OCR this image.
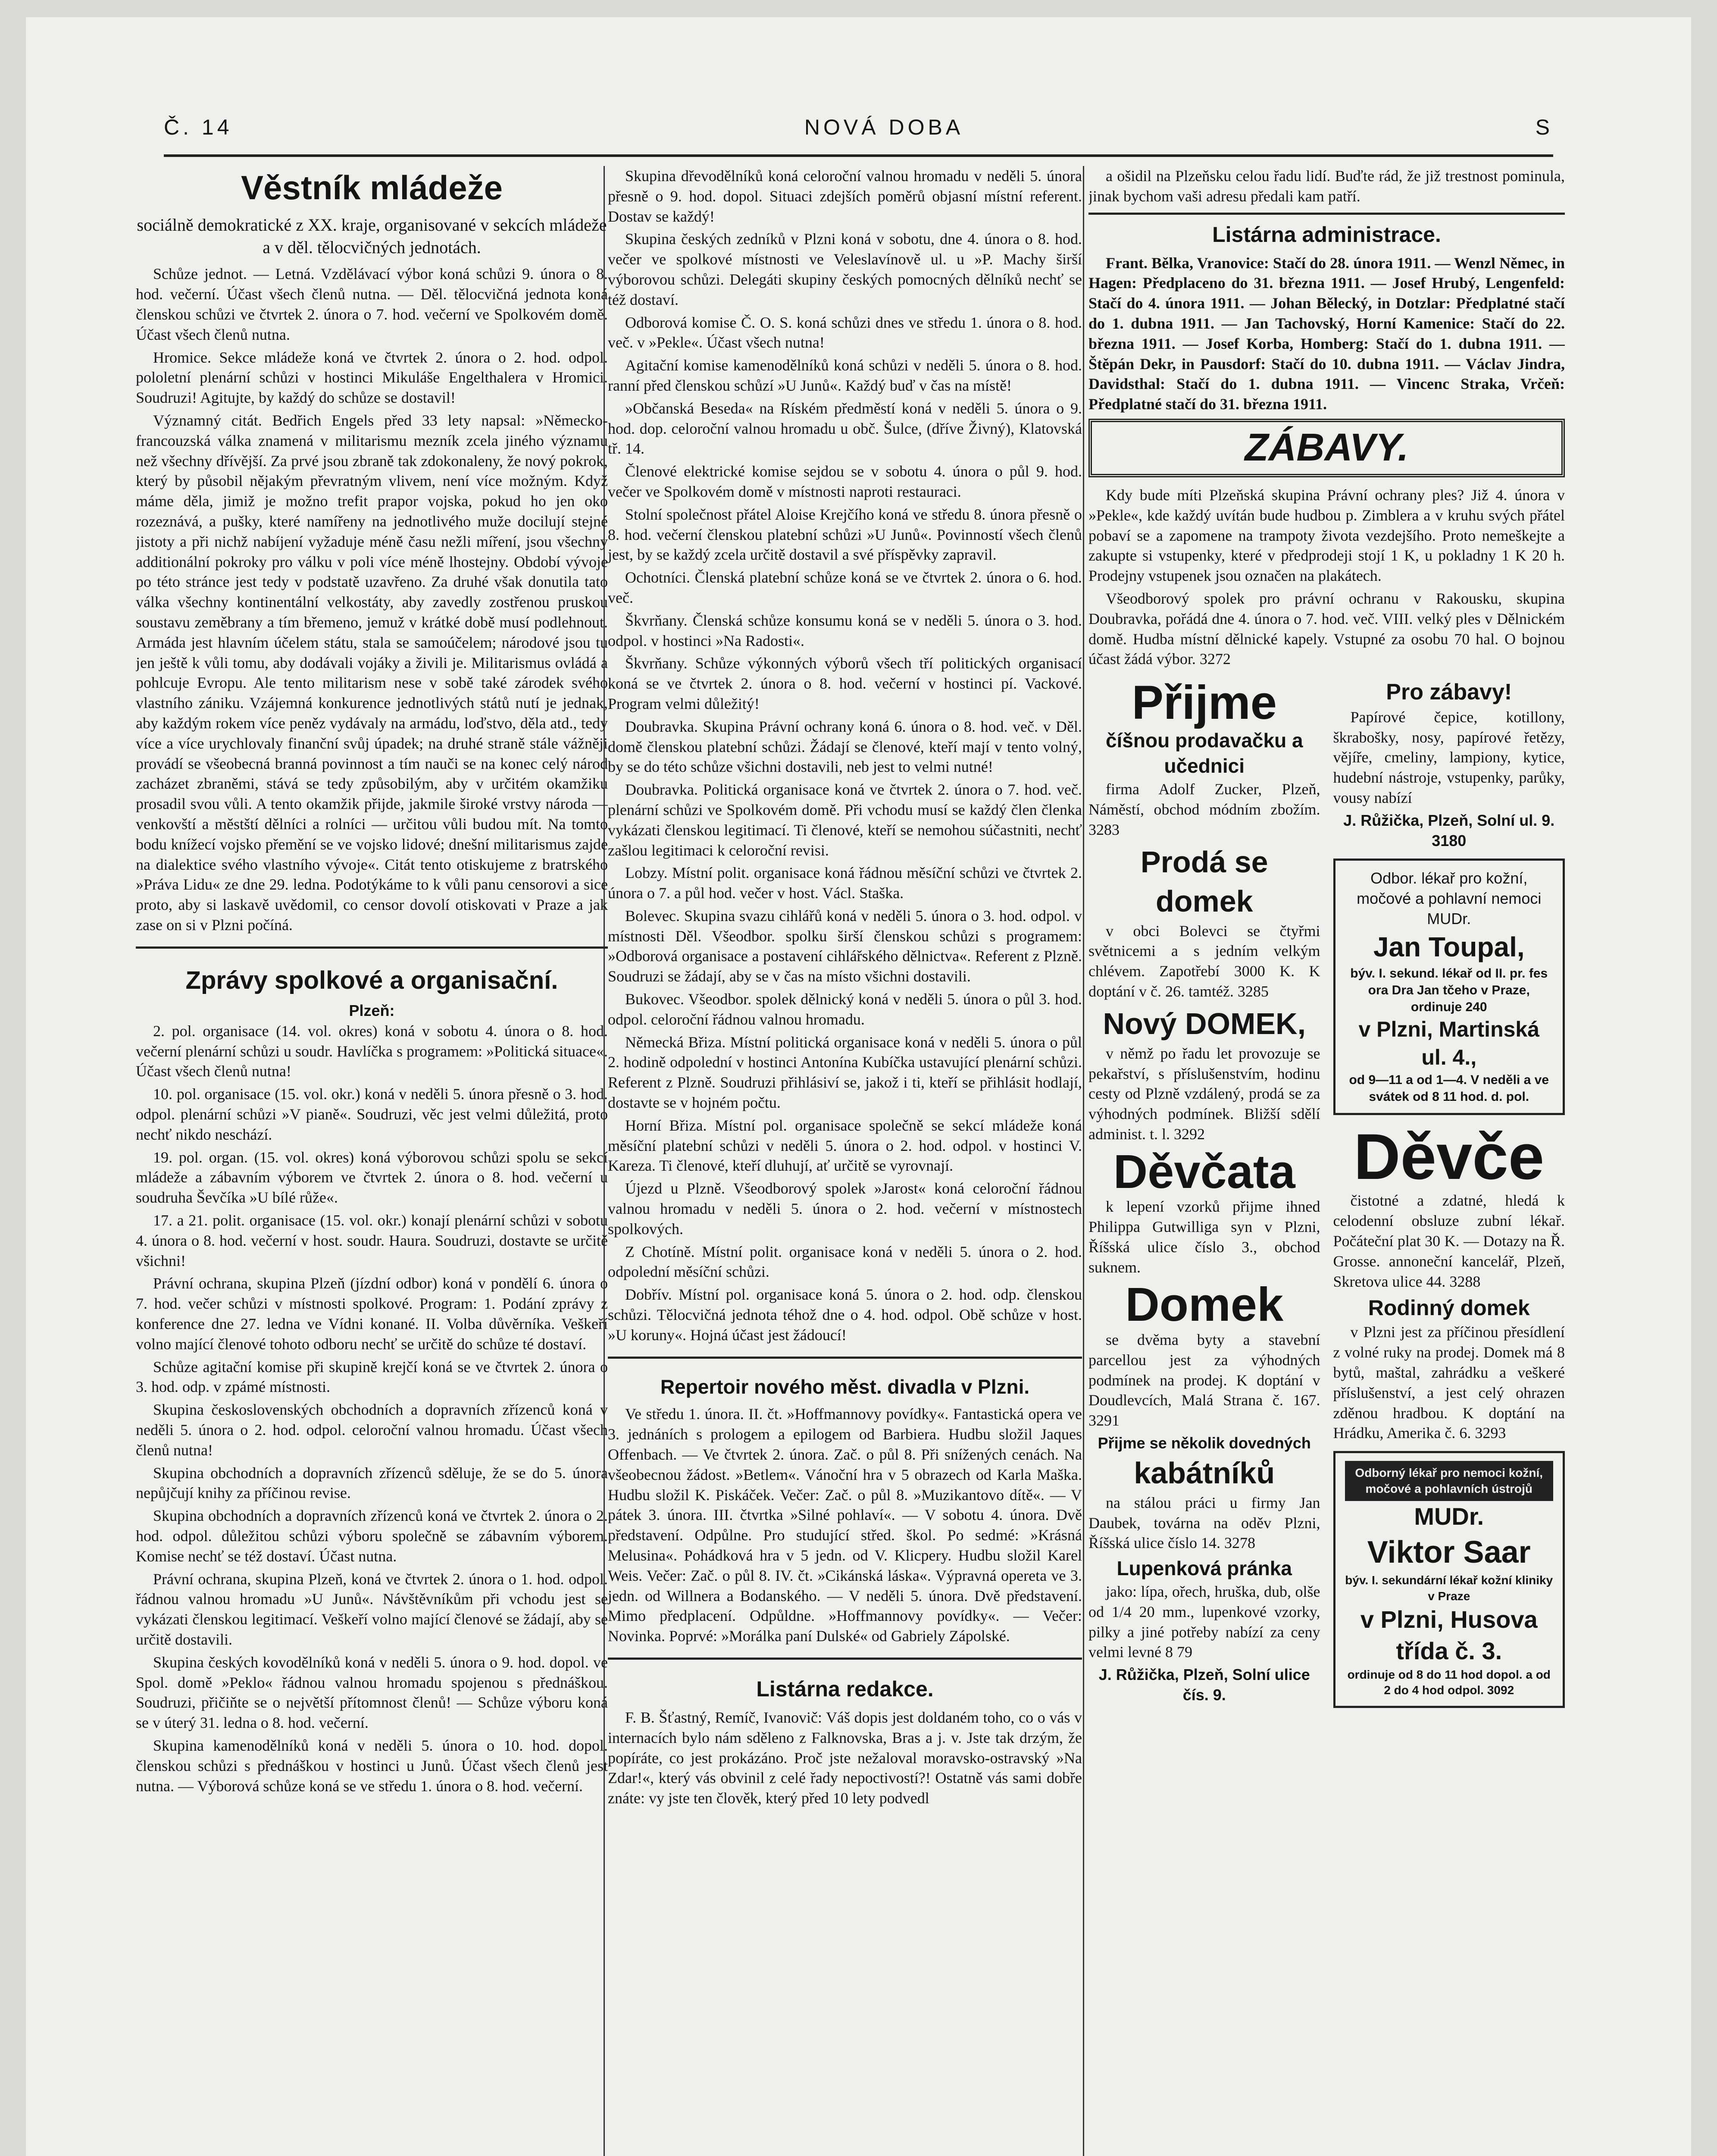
Č. 14	NOVÁ DOBA	S
Věstník mládeže
sociálně demokratické z XX. kraje, organisované v sekcích mládeže a v děl. tělocvičných jednotách.

Schůze jednot. — Letná. Vzdělávací výbor koná schůzi 9. února o 8. hod. večerní. Účast všech členů nutna. — Děl. tělocvičná jednota koná členskou schůzi ve čtvrtek 2. února o 7. hod. večerní ve Spolkovém domě. Účast všech členů nutna.

Hromice. Sekce mládeže koná ve čtvrtek 2. února o 2. hod. odpol. pololetní plenární schůzi v hostinci Mikuláše Engelthalera v Hromici. Soudruzi! Agitujte, by každý do schůze se dostavil!

Významný citát. Bedřich Engels před 33 lety napsal: »Německo-francouzská válka znamená v militarismu mezník zcela jiného významu než všechny dřívější. Za prvé jsou zbraně tak zdokonaleny, že nový pokrok, který by působil nějakým převratným vlivem, není více možným. Když máme děla, jimiž je možno trefit prapor vojska, pokud ho jen oko rozeznává, a pušky, které namířeny na jednotlivého muže docilují stejné jistoty a při nichž nabíjení vyžaduje méně času nežli míření, jsou všechny additionální pokroky pro válku v poli více méně lhostejny. Období vývoje po této stránce jest tedy v podstatě uzavřeno. Za druhé však donutila tato válka všechny kontinentální velkostáty, aby zavedly zostřenou pruskou soustavu zeměbrany a tím břemeno, jemuž v krátké době musí podlehnout. Armáda jest hlavním účelem státu, stala se samoúčelem; národové jsou tu jen ještě k vůli tomu, aby dodávali vojáky a živili je. Militarismus ovládá a pohlcuje Evropu. Ale tento militarism nese v sobě také zárodek svého vlastního zániku. Vzájemná konkurence jednotlivých států nutí je jednak, aby každým rokem více peněz vydávaly na armádu, loďstvo, děla atd., tedy více a více urychlovaly finanční svůj úpadek; na druhé straně stále vážněji provádí se všeobecná branná povinnost a tím nauči se na konec celý národ zacházet zbraněmi, stává se tedy způsobilým, aby v určitém okamžiku prosadil svou vůli. A tento okamžik přijde, jakmile široké vrstvy národa — venkovští a městští dělníci a rolníci — určitou vůli budou mít. Na tomto bodu knížecí vojsko přemění se ve vojsko lidové; dnešní militarismus zajde na dialektice svého vlastního vývoje«. Citát tento otiskujeme z bratrského »Práva Lidu« ze dne 29. ledna. Podotýkáme to k vůli panu censorovi a sice proto, aby si laskavě uvědomil, co censor dovolí otiskovati v Praze a jak zase on si v Plzni počíná.

Zprávy spolkové a organisační.
Plzeň:

2. pol. organisace (14. vol. okres) koná v sobotu 4. února o 8. hod. večerní plenární schůzi u soudr. Havlíčka s programem: »Politická situace«. Účast všech členů nutna!

10. pol. organisace (15. vol. okr.) koná v neděli 5. února přesně o 3. hod. odpol. plenární schůzi »V pianě«. Soudruzi, věc jest velmi důležitá, proto nechť nikdo neschází.

19. pol. organ. (15. vol. okres) koná výborovou schůzi spolu se sekcí mládeže a zábavním výborem ve čtvrtek 2. února o 8. hod. večerní u soudruha Ševčíka »U bílé růže«.

17. a 21. polit. organisace (15. vol. okr.) konají plenární schůzi v sobotu 4. února o 8. hod. večerní v host. soudr. Haura. Soudruzi, dostavte se určitě všichni!

Právní ochrana, skupina Plzeň (jízdní odbor) koná v pondělí 6. února o 7. hod. večer schůzi v místnosti spolkové. Program: 1. Podání zprávy z konference dne 27. ledna ve Vídni konané. II. Volba důvěrníka. Veškeří volno mající členové tohoto odboru nechť se určitě do schůze té dostaví.

Schůze agitační komise při skupině krejčí koná se ve čtvrtek 2. února o 3. hod. odp. v zpámé místnosti.

Skupina československých obchodních a dopravních zřízenců koná v neděli 5. února o 2. hod. odpol. celoroční valnou hromadu. Účast všech členů nutna!

Skupina obchodních a dopravních zřízenců sděluje, že se do 5. února nepůjčují knihy za příčinou revise.

Skupina obchodních a dopravních zřízenců koná ve čtvrtek 2. února o 2. hod. odpol. důležitou schůzi výboru společně se zábavním výborem. Komise nechť se též dostaví. Účast nutna.

Právní ochrana, skupina Plzeň, koná ve čtvrtek 2. února o 1. hod. odpol. řádnou valnou hromadu »U Junů«. Návštěvníkům při vchodu jest se vykázati členskou legitimací. Veškeří volno mající členové se žádají, aby se určitě dostavili.

Skupina českých kovodělníků koná v neděli 5. února o 9. hod. dopol. ve Spol. domě »Peklo« řádnou valnou hromadu spojenou s přednáškou. Soudruzi, přičiňte se o největší přítomnost členů! — Schůze výboru koná se v úterý 31. ledna o 8. hod. večerní.

Skupina kamenodělníků koná v neděli 5. února o 10. hod. dopol. členskou schůzi s přednáškou v hostinci u Junů. Účast všech členů jest nutna. — Výborová schůze koná se ve středu 1. února o 8. hod. večerní.

Skupina dřevodělníků koná celoroční valnou hromadu v neděli 5. února přesně o 9. hod. dopol. Situaci zdejších poměrů objasní místní referent. Dostav se každý!

Skupina českých zedníků v Plzni koná v sobotu, dne 4. února o 8. hod. večer ve spolkové místnosti ve Veleslavínově ul. u »P. Machy širší výborovou schůzi. Delegáti skupiny českých pomocných dělníků nechť se též dostaví.

Odborová komise Č. O. S. koná schůzi dnes ve středu 1. února o 8. hod. več. v »Pekle«. Účast všech nutna!

Agitační komise kamenodělníků koná schůzi v neděli 5. února o 8. hod. ranní před členskou schůzí »U Junů«. Každý buď v čas na místě!

»Občanská Beseda« na Ríském předměstí koná v neděli 5. února o 9. hod. dop. celoroční valnou hromadu u obč. Šulce, (dříve Živný), Klatovská tř. 14.

Členové elektrické komise sejdou se v sobotu 4. února o půl 9. hod. večer ve Spolkovém domě v místnosti naproti restauraci.

Stolní společnost přátel Aloise Krejčího koná ve středu 8. února přesně o 8. hod. večerní členskou platební schůzi »U Junů«. Povinností všech členů jest, by se každý zcela určitě dostavil a své příspěvky zapravil.

Ochotníci. Členská platební schůze koná se ve čtvrtek 2. února o 6. hod. več.

Škvrňany. Členská schůze konsumu koná se v neděli 5. února o 3. hod. odpol. v hostinci »Na Radosti«.

Škvrňany. Schůze výkonných výborů všech tří politických organisací koná se ve čtvrtek 2. února o 8. hod. večerní v hostinci pí. Vackové. Program velmi důležitý!

Doubravka. Skupina Právní ochrany koná 6. února o 8. hod. več. v Děl. domě členskou platební schůzi. Žádají se členové, kteří mají v tento volný, by se do této schůze všichni dostavili, neb jest to velmi nutné!

Doubravka. Politická organisace koná ve čtvrtek 2. února o 7. hod. več. plenární schůzi ve Spolkovém domě. Při vchodu musí se každý člen členka vykázati členskou legitimací. Ti členové, kteří se nemohou súčastniti, nechť zašlou legitimaci k celoroční revisi.

Lobzy. Místní polit. organisace koná řádnou měsíční schůzi ve čtvrtek 2. února o 7. a půl hod. večer v host. Václ. Staška.

Bolevec. Skupina svazu cihlářů koná v neděli 5. února o 3. hod. odpol. v místnosti Děl. Všeodbor. spolku širší členskou schůzi s programem: »Odborová organisace a postavení cihlářského dělnictva«. Referent z Plzně. Soudruzi se žádají, aby se v čas na místo všichni dostavili.

Bukovec. Všeodbor. spolek dělnický koná v neděli 5. února o půl 3. hod. odpol. celoroční řádnou valnou hromadu.

Německá Břiza. Místní politická organisace koná v neděli 5. února o půl 2. hodině odpolední v hostinci Antonína Kubíčka ustavující plenární schůzi. Referent z Plzně. Soudruzi přihlásiví se, jakož i ti, kteří se přihlásit hodlají, dostavte se v hojném počtu.

Horní Břiza. Místní pol. organisace společně se sekcí mládeže koná měsíční platební schůzi v neděli 5. února o 2. hod. odpol. v hostinci V. Kareza. Ti členové, kteří dluhují, ať určitě se vyrovnají.

Újezd u Plzně. Všeodborový spolek »Jarost« koná celoroční řádnou valnou hromadu v neděli 5. února o 2. hod. večerní v místnostech spolkových.

Z Chotíně. Místní polit. organisace koná v neděli 5. února o 2. hod. odpolední měsíční schůzi.

Dobřív. Místní pol. organisace koná 5. února o 2. hod. odp. členskou schůzi. Tělocvičná jednota téhož dne o 4. hod. odpol. Obě schůze v host. »U koruny«. Hojná účast jest žádoucí!

Repertoir nového měst. divadla v Plzni.

Ve středu 1. února. II. čt. »Hoffmannovy povídky«. Fantastická opera ve 3. jednáních s prologem a epilogem od Barbiera. Hudbu složil Jaques Offenbach. — Ve čtvrtek 2. února. Zač. o půl 8. Při snížených cenách. Na všeobecnou žádost. »Betlem«. Vánoční hra v 5 obrazech od Karla Maška. Hudbu složil K. Piskáček. Večer: Zač. o půl 8. »Muzikantovo dítě«. — V pátek 3. února. III. čtvrtka »Silné pohlaví«. — V sobotu 4. února. Dvě představení. Odpůlne. Pro studující střed. škol. Po sedmé: »Krásná Melusina«. Pohádková hra v 5 jedn. od V. Klicpery. Hudbu složil Karel Weis. Večer: Zač. o půl 8. IV. čt. »Cikánská láska«. Výpravná opereta ve 3. jedn. od Willnera a Bodanského. — V neděli 5. února. Dvě představení. Mimo předplacení. Odpůldne. »Hoffmannovy povídky«. — Večer: Novinka. Poprvé: »Morálka paní Dulské« od Gabriely Zápolské.

Listárna redakce.

F. B. Šťastný, Remíč, Ivanovič: Váš dopis jest doldaném toho, co o vás v internacích bylo nám sděleno z Falknovska, Bras a j. v. Jste tak drzým, že popíráte, co jest prokázáno. Proč jste nežaloval moravsko-ostravský »Na Zdar!«, který vás obvinil z celé řady nepoctivostí?! Ostatně vás sami dobře znáte: vy jste ten člověk, který před 10 lety podvedl

a ošidil na Plzeňsku celou řadu lidí. Buďte rád, že již trestnost pominula, jinak bychom vaši adresu předali kam patří.

Listárna administrace.

Frant. Bělka, Vranovice: Stačí do 28. února 1911. — Wenzl Němec, in Hagen: Předplaceno do 31. března 1911. — Josef Hrubý, Lengenfeld: Stačí do 4. února 1911. — Johan Bělecký, in Dotzlar: Předplatné stačí do 1. dubna 1911. — Jan Tachovský, Horní Kamenice: Stačí do 22. března 1911. — Josef Korba, Homberg: Stačí do 1. dubna 1911. — Štěpán Dekr, in Pausdorf: Stačí do 10. dubna 1911. — Václav Jindra, Davidsthal: Stačí do 1. dubna 1911. — Vincenc Straka, Vrčeň: Předplatné stačí do 31. března 1911.

ZÁBAVY.

Kdy bude míti Plzeňská skupina Právní ochrany ples? Již 4. února v »Pekle«, kde každý uvítán bude hudbou p. Zimblera a v kruhu svých přátel pobaví se a zapomene na trampoty života vezdejšího. Proto nemeškejte a zakupte si vstupenky, které v předprodeji stojí 1 K, u pokladny 1 K 20 h. Prodejny vstupenek jsou označen na plakátech.

Všeodborový spolek pro právní ochranu v Rakousku, skupina Doubravka, pořádá dne 4. února o 7. hod. več. VIII. velký ples v Dělnickém domě. Hudba místní dělnické kapely. Vstupné za osobu 70 hal. O bojnou účast žádá výbor. 3272

Přijme
číšnou prodavačku a učednici

firma Adolf Zucker, Plzeň, Náměstí, obchod módním zbožím. 3283

Prodá se domek

v obci Bolevci se čtyřmi světnicemi a s jedním velkým chlévem. Zapotřebí 3000 K. K doptání v č. 26. tamtéž. 3285

Nový DOMEK,

v němž po řadu let provozuje se pekařství, s příslušenstvím, hodinu cesty od Plzně vzdálený, prodá se za výhodných podmínek. Bližší sdělí administ. t. l. 3292

Děvčata

k lepení vzorků přijme ihned Philippa Gutwilliga syn v Plzni, Říšská ulice číslo 3., obchod suknem.

Domek

se dvěma byty a stavební parcellou jest za výhodných podmínek na prodej. K doptání v Doudlevcích, Malá Strana č. 167. 3291

Přijme se několik dovedných
kabátníků

na stálou práci u firmy Jan Daubek, továrna na oděv Plzni, Říšská ulice číslo 14. 3278

Lupenková pránka

jako: lípa, ořech, hruška, dub, olše od 1/4 20 mm., lupenkové vzorky, pilky a jiné potřeby nabízí za ceny velmi levné 8 79

J. Růžička, Plzeň, Solní ulice čís. 9.
Pro zábavy!

Papírové čepice, kotillony, škrabošky, nosy, papírové řetězy, vějíře, cmeliny, lampiony, kytice, hudební nástroje, vstupenky, parůky, vousy nabízí

J. Růžička, Plzeň, Solní ul. 9. 3180
Odbor. lékař pro kožní, močové a pohlavní nemoci MUDr.
Jan Toupal,
býv. I. sekund. lékař od II. pr. fes ora Dra Jan tčeho v Praze, ordinuje 240
v Plzni, Martinská ul. 4.,
od 9—11 a od 1—4. V neděli a ve svátek od 8 11 hod. d. pol.
Děvče

čistotné a zdatné, hledá k celodenní obsluze zubní lékař. Počáteční plat 30 K. — Dotazy na Ř. Grosse. annoneční kancelář, Plzeň, Skretova ulice 44. 3288

Rodinný domek

v Plzni jest za příčinou přesídlení z volné ruky na prodej. Domek má 8 bytů, maštal, zahrádku a veškeré příslušenství, a jest celý ohrazen zděnou hradbou. K doptání na Hrádku, Amerika č. 6. 3293

Odborný lékař pro nemoci kožní, močové a pohlavních ústrojů
MUDr.
Viktor Saar
býv. I. sekundární lékař kožní kliniky v Praze
v Plzni, Husova třída č. 3.
ordinuje od 8 do 11 hod dopol. a od 2 do 4 hod odpol. 3092
